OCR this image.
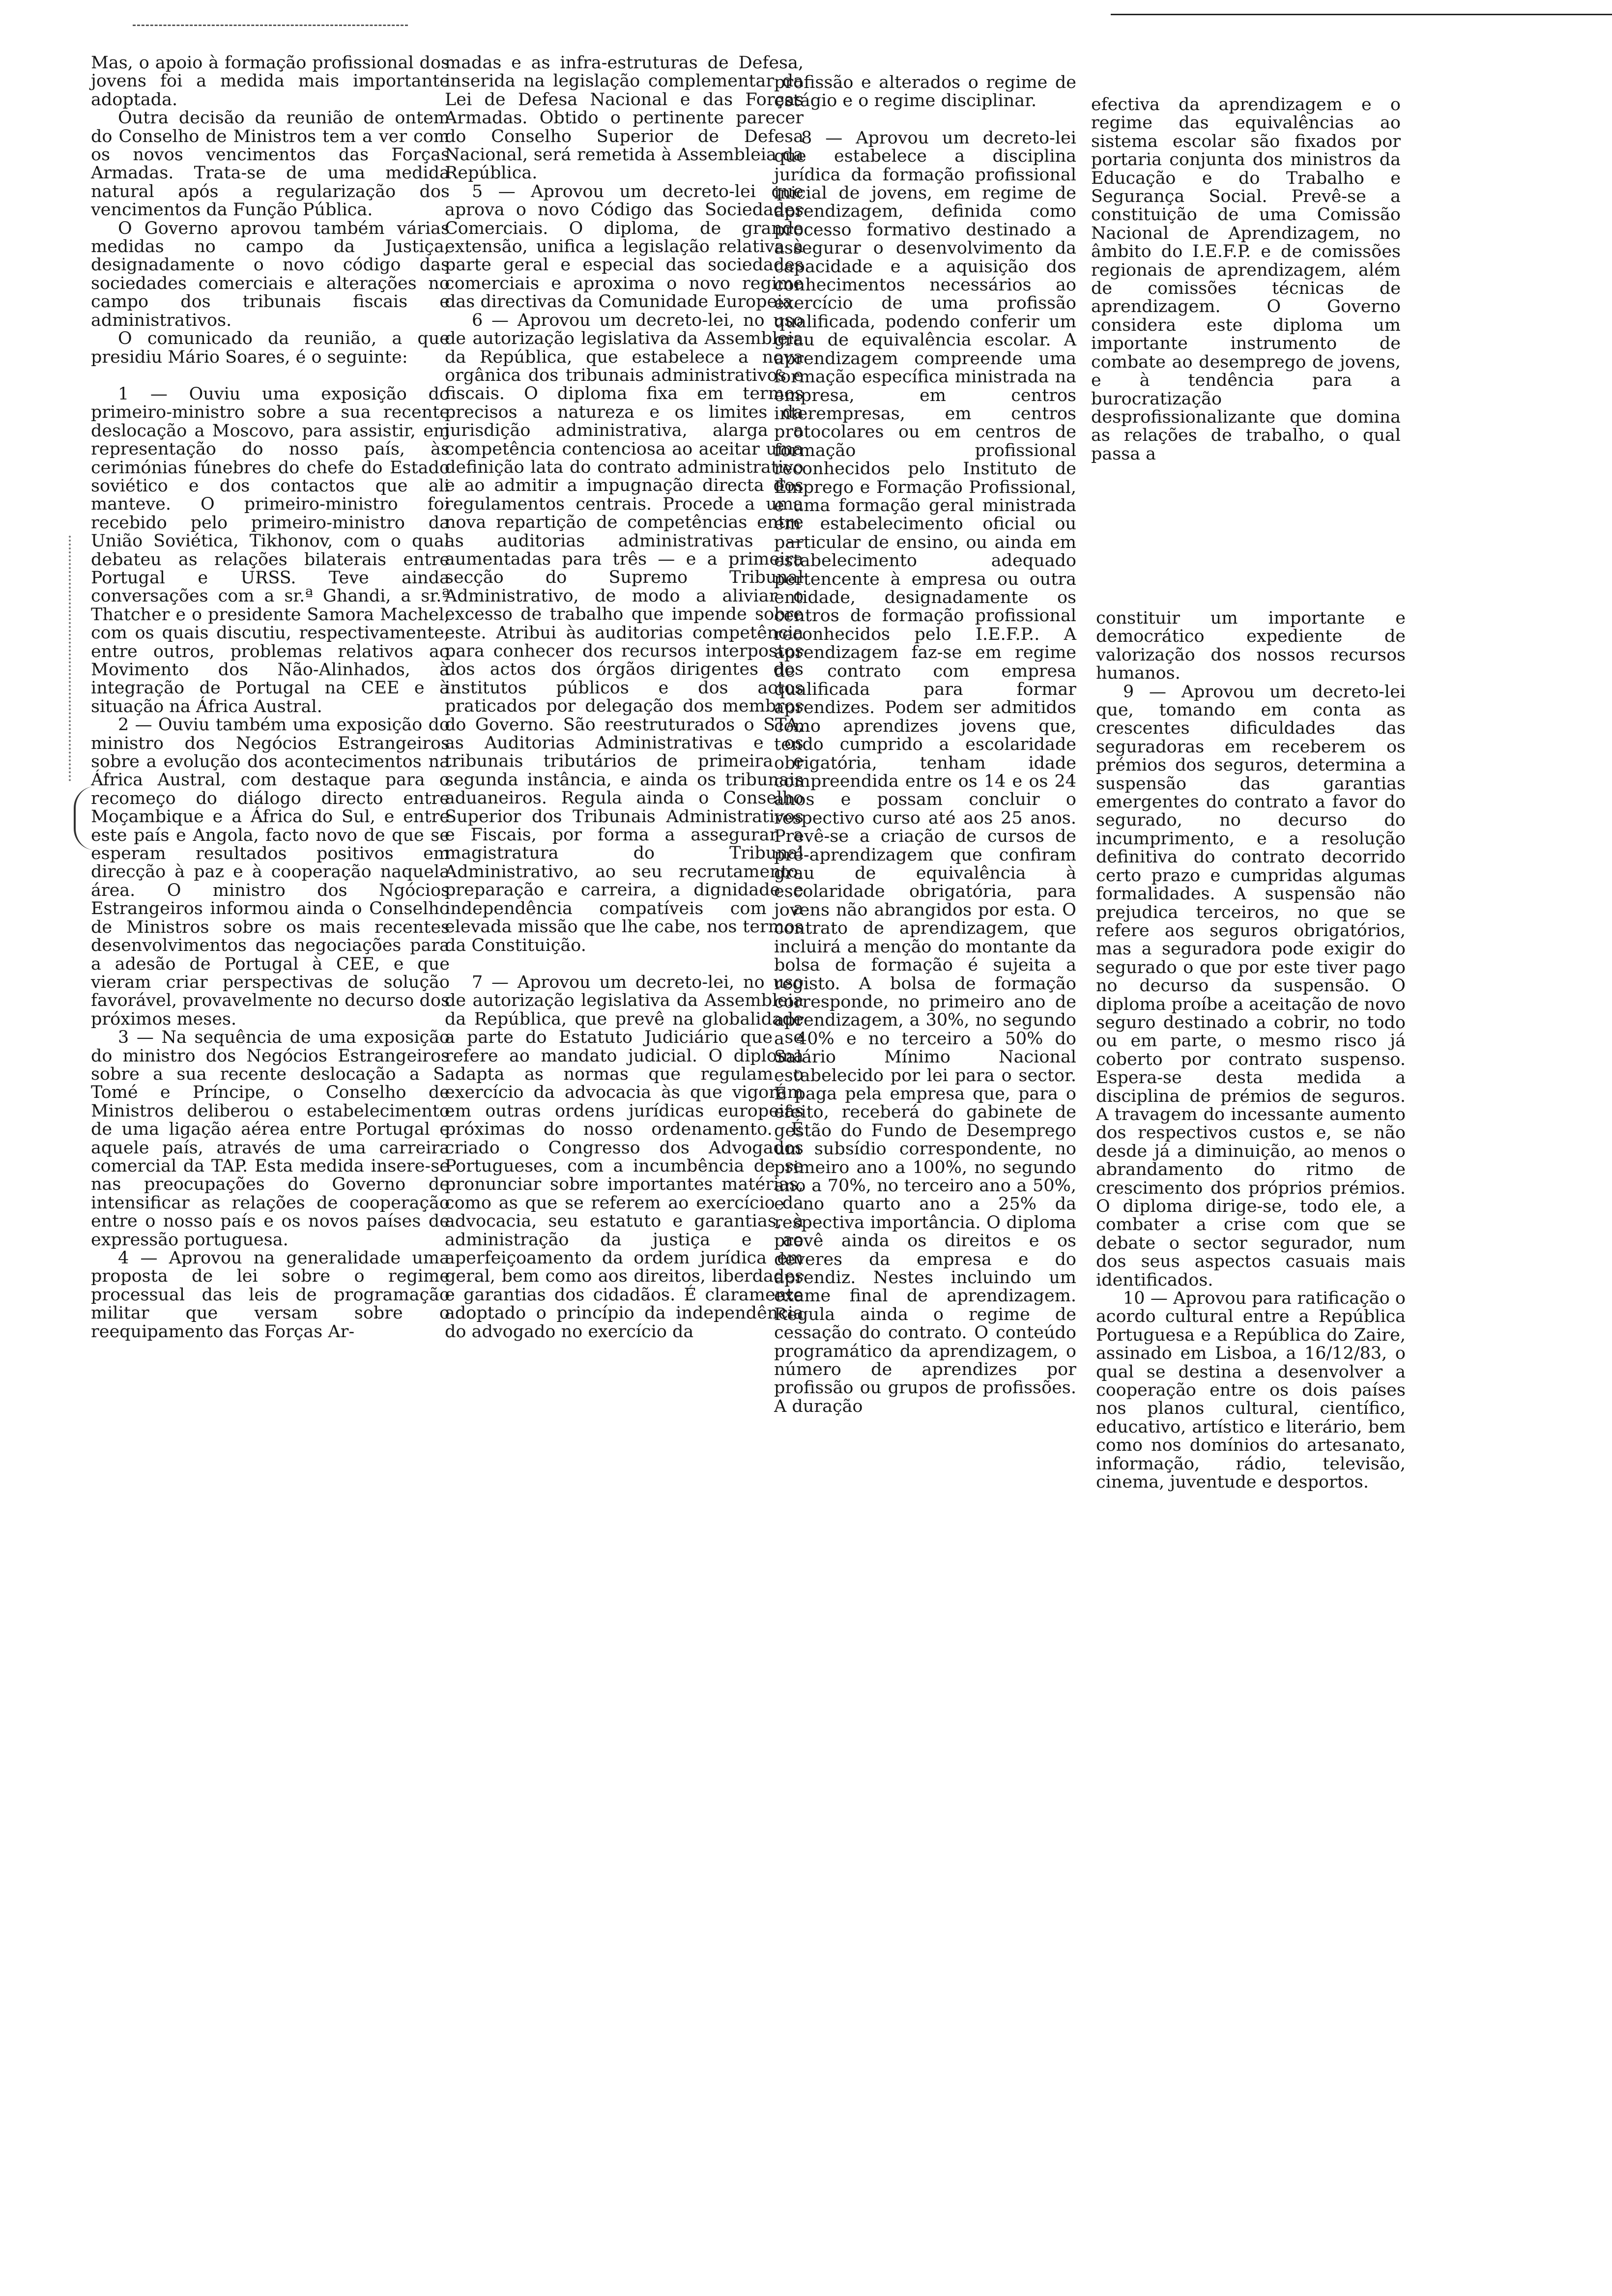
Mas, o apoio à formação profissional dos jovens foi a medida mais importante adoptada.

Outra decisão da reunião de ontem do Conselho de Ministros tem a ver com os novos vencimentos das Forças Armadas. Trata-se de uma medida natural após a regularização dos vencimentos da Função Pública.

O Governo aprovou também várias medidas no campo da Justiça, designadamente o novo código das sociedades comerciais e alterações no campo dos tribunais fiscais e administrativos.

O comunicado da reunião, a que presidiu Mário Soares, é o seguinte:

1 — Ouviu uma exposição do primeiro-ministro sobre a sua recente deslocação a Moscovo, para assistir, em representação do nosso país, às cerimónias fúnebres do chefe do Estado soviético e dos contactos que ali manteve. O primeiro-ministro foi recebido pelo primeiro-ministro da União Soviética, Tikhonov, com o qual debateu as relações bilaterais entre Portugal e URSS. Teve ainda conversações com a sr.ª Ghandi, a sr.ª Thatcher e o presidente Samora Machel, com os quais discutiu, respectivamente, entre outros, problemas relativos ao Movimento dos Não-Alinhados, à integração de Portugal na CEE e à situação na África Austral.

2 — Ouviu também uma exposição do ministro dos Negócios Estrangeiros sobre a evolução dos acontecimentos na África Austral, com destaque para o recomeço do diálogo directo entre Moçambique e a África do Sul, e entre este país e Angola, facto novo de que se esperam resultados positivos em direcção à paz e à cooperação naquela área. O ministro dos Ngócios Estrangeiros informou ainda o Conselho de Ministros sobre os mais recentes desenvolvimentos das negociações para a adesão de Portugal à CEE, e que vieram criar perspectivas de solução favorável, provavelmente no decurso dos próximos meses.

3 — Na sequência de uma exposição do ministro dos Negócios Estrangeiros sobre a sua recente deslocação a S. Tomé e Príncipe, o Conselho de Ministros deliberou o estabelecimento de uma ligação aérea entre Portugal e aquele país, através de uma carreira comercial da TAP. Esta medida insere-se nas preocupações do Governo de intensificar as relações de cooperação entre o nosso país e os novos países de expressão portuguesa.

4 — Aprovou na generalidade uma proposta de lei sobre o regime processual das leis de programação militar que versam sobre o reequipamento das Forças Ar-

madas e as infra-estruturas de Defesa, inserida na legislação complementar da Lei de Defesa Nacional e das Forças Armadas. Obtido o pertinente parecer do Conselho Superior de Defesa Nacional, será remetida à Assembleia da República.

5 — Aprovou um decreto-lei que aprova o novo Código das Sociedades Comerciais. O diploma, de grande extensão, unifica a legislação relativa à parte geral e especial das sociedades comerciais e aproxima o novo regime das directivas da Comunidade Europeia.

6 — Aprovou um decreto-lei, no uso de autorização legislativa da Assembleia da República, que estabelece a nova orgânica dos tribunais administrativos e fiscais. O diploma fixa em termos precisos a natureza e os limites da jurisdição administrativa, alarga a competência contenciosa ao aceitar uma definição lata do contrato administrativo e ao admitir a impugnação directa dos regulamentos centrais. Procede a uma nova repartição de competências entre as auditorias administrativas — aumentadas para três — e a primeira secção do Supremo Tribunal Administrativo, de modo a aliviar o excesso de trabalho que impende sobre este. Atribui às auditorias competência para conhecer dos recursos interpostos dos actos dos órgãos dirigentes dos institutos públicos e dos actos praticados por delegação dos membros do Governo. São reestruturados o STA, as Auditorias Administrativas e os tribunais tributários de primeira e segunda instância, e ainda os tribunais aduaneiros. Regula ainda o Conselho Superior dos Tribunais Administrativos e Fiscais, por forma a assegurar a magistratura do Tribunal Administrativo, ao seu recrutamento, preparação e carreira, a dignidade e independência compatíveis com a elevada missão que lhe cabe, nos termos da Constituição.

7 — Aprovou um decreto-lei, no uso de autorização legislativa da Assembleia da República, que prevê na globalidade a parte do Estatuto Judiciário que se refere ao mandato judicial. O diploma adapta as normas que regulam o exercício da advocacia às que vigoram em outras ordens jurídicas europeias próximas do nosso ordenamento. É criado o Congresso dos Advogados Portugueses, com a incumbência de se pronunciar sobre importantes matérias, como as que se referem ao exercício da advocacia, seu estatuto e garantias, à administração da justiça e ao aperfeiçoamento da ordem jurídica em geral, bem como aos direitos, liberdades e garantias dos cidadãos. É claramente adoptado o princípio da independência do advogado no exercício da

profissão e alterados o regime de estágio e o regime disciplinar.

8 — Aprovou um decreto-lei que estabelece a disciplina jurídica da formação profissional inicial de jovens, em regime de aprendizagem, definida como processo formativo destinado a assegurar o desenvolvimento da capacidade e a aquisição dos conhecimentos necessários ao exercício de uma profissão qualificada, podendo conferir um grau de equivalência escolar. A aprendizagem compreende uma formação específica ministrada na empresa, em centros interempresas, em centros protocolares ou em centros de formação profissional reconhecidos pelo Instituto de Emprego e Formação Profissional, e uma formação geral ministrada em estabelecimento oficial ou particular de ensino, ou ainda em estabelecimento adequado pertencente à empresa ou outra entidade, designadamente os centros de formação profissional reconhecidos pelo I.E.F.P.. A aprendizagem faz-se em regime de contrato com empresa qualificada para formar aprendizes. Podem ser admitidos como aprendizes jovens que, tendo cumprido a escolaridade obrigatória, tenham idade compreendida entre os 14 e os 24 anos e possam concluir o respectivo curso até aos 25 anos. Prevê-se a criação de cursos de pré-aprendizagem que confiram grau de equivalência à escolaridade obrigatória, para jovens não abrangidos por esta. O contrato de aprendizagem, que incluirá a menção do montante da bolsa de formação é sujeita a registo. A bolsa de formação corresponde, no primeiro ano de aprendizagem, a 30%, no segundo a 40% e no terceiro a 50% do Salário Mínimo Nacional estabelecido por lei para o sector. É paga pela empresa que, para o efeito, receberá do gabinete de gestão do Fundo de Desemprego um subsídio correspondente, no primeiro ano a 100%, no segundo ano a 70%, no terceiro ano a 50%, e no quarto ano a 25% da respectiva importância. O diploma prevê ainda os direitos e os deveres da empresa e do aprendiz. Nestes incluindo um exame final de aprendizagem. Regula ainda o regime de cessação do contrato. O conteúdo programático da aprendizagem, o número de aprendizes por profissão ou grupos de profissões. A duração

efectiva da aprendizagem e o regime das equivalências ao sistema escolar são fixados por portaria conjunta dos ministros da Educação e do Trabalho e Segurança Social. Prevê-se a constituição de uma Comissão Nacional de Aprendizagem, no âmbito do I.E.F.P. e de comissões regionais de aprendizagem, além de comissões técnicas de aprendizagem. O Governo considera este diploma um importante instrumento de combate ao desemprego de jovens, e à tendência para a burocratização desprofissionalizante que domina as relações de trabalho, o qual passa a

constituir um importante e democrático expediente de valorização dos nossos recursos humanos.

9 — Aprovou um decreto-lei que, tomando em conta as crescentes dificuldades das seguradoras em receberem os prémios dos seguros, determina a suspensão das garantias emergentes do contrato a favor do segurado, no decurso do incumprimento, e a resolução definitiva do contrato decorrido certo prazo e cumpridas algumas formalidades. A suspensão não prejudica terceiros, no que se refere aos seguros obrigatórios, mas a seguradora pode exigir do segurado o que por este tiver pago no decurso da suspensão. O diploma proíbe a aceitação de novo seguro destinado a cobrir, no todo ou em parte, o mesmo risco já coberto por contrato suspenso. Espera-se desta medida a disciplina de prémios de seguros. A travagem do incessante aumento dos respectivos custos e, se não desde já a diminuição, ao menos o abrandamento do ritmo de crescimento dos próprios prémios. O diploma dirige-se, todo ele, a combater a crise com que se debate o sector segurador, num dos seus aspectos casuais mais identificados.

10 — Aprovou para ratificação o acordo cultural entre a República Portuguesa e a República do Zaire, assinado em Lisboa, a 16/12/83, o qual se destina a desenvolver a cooperação entre os dois países nos planos cultural, científico, educativo, artístico e literário, bem como nos domínios do artesanato, informação, rádio, televisão, cinema, juventude e desportos.
